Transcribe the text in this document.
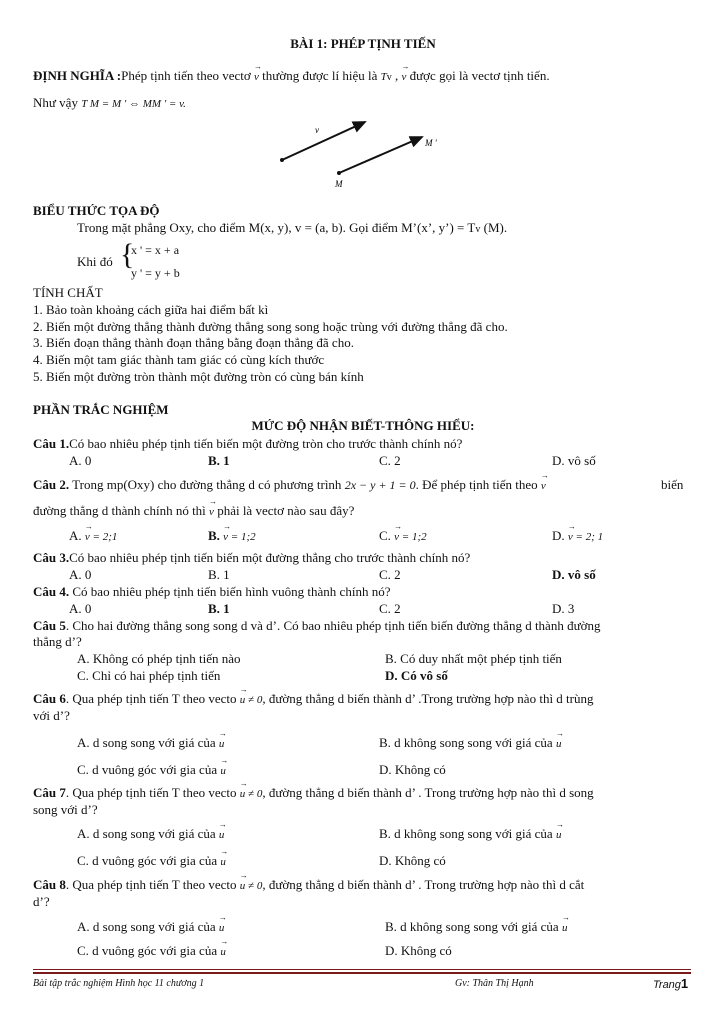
BÀI 1: PHÉP TỊNH TIẾN
ĐỊNH NGHĨA :Phép tịnh tiến theo vectơ → v thường được lí hiệu là Tv , → v được gọi là vectơ tịnh tiến.
Như vậy T M = M ' ⇔ MM ' = v.
v
M
M '
BIỂU THỨC TỌA ĐỘ
Trong mặt phẳng Oxy, cho điểm M(x, y), v = (a, b). Gọi điểm M’(x’, y’) = Tv (M).
Khi đó {
x ' = x + a
y ' = y + b
TÍNH CHẤT
1. Bảo toàn khoảng cách giữa hai điểm bất kì
2. Biến một đường thẳng thành đường thẳng song song hoặc trùng với đường thẳng đã cho.
3. Biến đoạn thẳng thành đoạn thẳng bằng đoạn thẳng đã cho.
4. Biến một tam giác thành tam giác có cùng kích thước
5. Biến một đường tròn thành một đường tròn có cùng bán kính
PHẦN TRẮC NGHIỆM
MỨC ĐỘ NHẬN BIẾT-THÔNG HIỂU:
Câu 1.Có bao nhiêu phép tịnh tiến biến một đường tròn cho trước thành chính nó?
A. 0	B. 1	C. 2	D. vô số
Câu 2. Trong mp(Oxy) cho đường thẳng d có phương trình 2x − y + 1 = 0. Để phép tịnh tiến theo → v	biến
đường thẳng d thành chính nó thì → v phải là vectơ nào sau đây?
A. → v = 2;1	B. → v = 1;2	C. → v = 1;2	D. → v = 2; 1
Câu 3.Có bao nhiêu phép tịnh tiến biến một đường thẳng cho trước thành chính nó?
A. 0	B. 1	C. 2	D. vô số
Câu 4. Có bao nhiêu phép tịnh tiến biến hình vuông thành chính nó?
A. 0	B. 1	C. 2	D. 3
Câu 5. Cho hai đường thẳng song song d và d’. Có bao nhiêu phép tịnh tiến biến đường thẳng d thành đường
thẳng d’?
A. Không có phép tịnh tiến nào	B. Có duy nhất một phép tịnh tiến
C. Chỉ có hai phép tịnh tiến	D. Có vô số
Câu 6. Qua phép tịnh tiến T theo vecto → u ≠ 0, đường thẳng d biến thành d’ .Trong trường hợp nào thì d trùng
với d’?
A. d song song với giá của → u	B. d không song song với giá của → u
C. d vuông góc với gia của → u	D. Không có
Câu 7. Qua phép tịnh tiến T theo vecto → u ≠ 0, đường thẳng d biến thành d’ . Trong trường hợp nào thì d song
song với d’?
A. d song song với giá của → u	B. d không song song với giá của → u
C. d vuông góc với gia của → u	D. Không có
Câu 8. Qua phép tịnh tiến T theo vecto → u ≠ 0, đường thẳng d biến thành d’ . Trong trường hợp nào thì d cắt
d’?
A. d song song với giá của → u	B. d không song song với giá của → u
C. d vuông góc với gia của → u	D. Không có
Bài tập trắc nghiệm Hình học 11 chương 1	Gv: Thân Thị Hạnh	Trang1
